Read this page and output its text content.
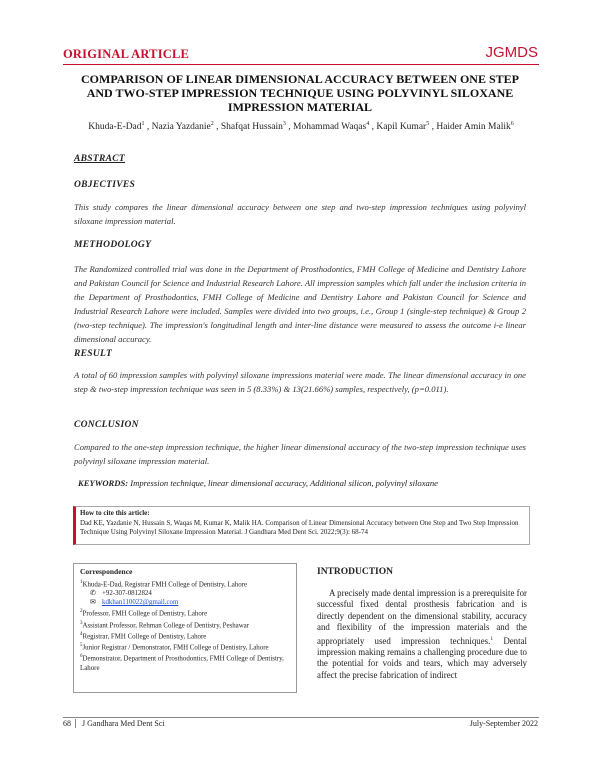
ORIGINAL ARTICLE	JGMDS
COMPARISON OF LINEAR DIMENSIONAL ACCURACY BETWEEN ONE STEP AND TWO-STEP IMPRESSION TECHNIQUE USING POLYVINYL SILOXANE IMPRESSION MATERIAL
Khuda-E-Dad$^1$ , Nazia Yazdanie$^2$ , Shafqat Hussain$^3$ , Mohammad Waqas$^4$ , Kapil Kumar$^5$ , Haider Amin Malik$^6$
ABSTRACT
OBJECTIVES
This study compares the linear dimensional accuracy between one step and two-step impression techniques using polyvinyl siloxane impression material.
METHODOLOGY
The Randomized controlled trial was done in the Department of Prosthodontics, FMH College of Medicine and Dentistry Lahore and Pakistan Council for Science and Industrial Research Lahore. All impression samples which fall under the inclusion criteria in the Department of Prosthodontics, FMH College of Medicine and Dentistry Lahore and Pakistan Council for Science and Industrial Research Lahore were included. Samples were divided into two groups, i.e., Group 1 (single-step technique) & Group 2 (two-step technique). The impression's longitudinal length and inter-line distance were measured to assess the outcome i-e linear dimensional accuracy.
RESULT
A total of 60 impression samples with polyvinyl siloxane impressions material were made. The linear dimensional accuracy in one step & two-step impression technique was seen in 5 (8.33%) & 13(21.66%) samples, respectively, (p=0.011).
CONCLUSION
Compared to the one-step impression technique, the higher linear dimensional accuracy of the two-step impression technique uses polyvinyl siloxane impression material.
KEYWORDS: Impression technique, linear dimensional accuracy, Additional silicon, polyvinyl siloxane
How to cite this article:
Dad KE, Yazdanie N, Hussain S, Waqas M, Kumar K, Malik HA. Comparison of Linear Dimensional Accuracy between One Step and Two Step Impression Technique Using Polyvinyl Siloxane Impression Material. J Gandhara Med Dent Sci. 2022;9(3): 68-74
Correspondence
$^1$Khuda-E-Dad, Registrar FMH College of Dentistry, Lahore
✆ +92-307-0812824
✉ kdkhan110022@gmail.com
$^2$Professor, FMH College of Dentistry, Lahore
$^3$Assistant Professor, Rehman College of Dentistry, Peshawar
$^4$Registrar, FMH College of Dentistry, Lahore
$^5$Junior Registrar / Demonstrator, FMH College of Dentistry, Lahore
$^6$Demonstrator, Department of Prosthodontics, FMH College of Dentistry, Lahore
INTRODUCTION
A precisely made dental impression is a prerequisite for successful fixed dental prosthesis fabrication and is directly dependent on the dimensional stability, accuracy and flexibility of the impression materials and the appropriately used impression techniques.$^1$ Dental impression making remains a challenging procedure due to the potential for voids and tears, which may adversely affect the precise fabrication of indirect
68	J Gandhara Med Dent Sci	July-September 2022
